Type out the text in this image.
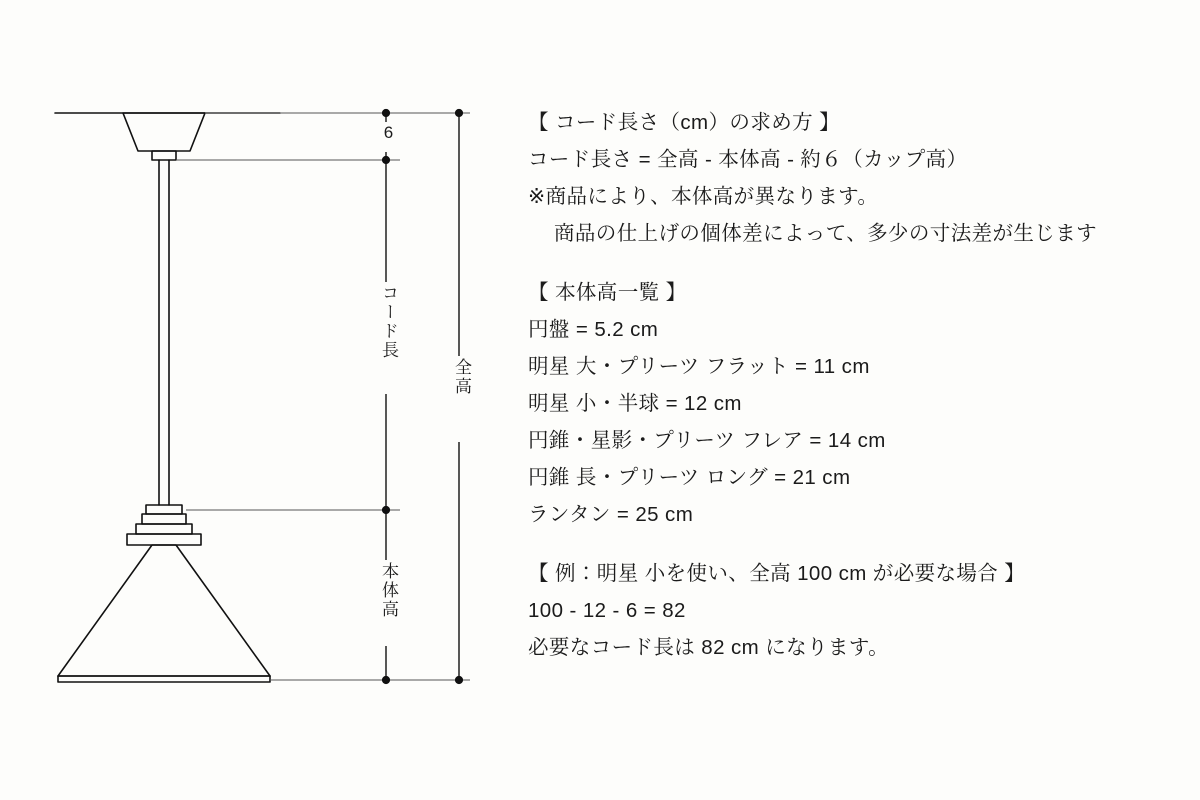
6
コード長
全高
本体高
【 コード長さ（cm）の求め方 】
コード長さ = 全高 - 本体高 - 約６（カップ高）
※商品により、本体高が異なります。
商品の仕上げの個体差によって、多少の寸法差が生じます
【 本体高一覧 】
円盤 = 5.2 cm
明星 大・プリーツ フラット = 11 cm
明星 小・半球 = 12 cm
円錐・星影・プリーツ フレア = 14 cm
円錐 長・プリーツ ロング = 21 cm
ランタン = 25 cm
【 例：明星 小を使い、全高 100 cm が必要な場合 】
100 - 12 - 6 = 82
必要なコード長は 82 cm になります。
